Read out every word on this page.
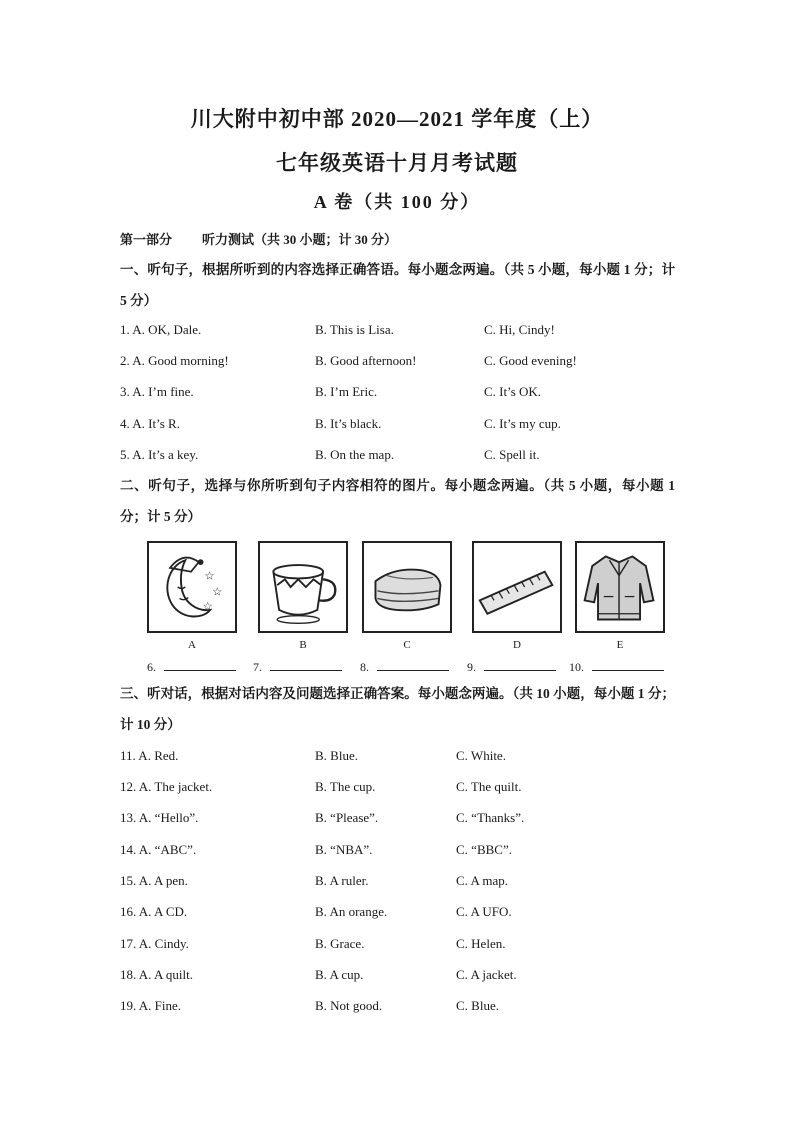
川大附中初中部 2020—2021 学年度（上）
七年级英语十月月考试题
A 卷（共 100 分）
第一部分 听力测试（共 30 小题；计 30 分）
一、听句子，根据所听到的内容选择正确答语。每小题念两遍。（共 5 小题，每小题 1 分；计 5 分）
1. A. OK, Dale.	B. This is Lisa.	C. Hi, Cindy!
2. A. Good morning!	B. Good afternoon!	C. Good evening!
3. A. I’m fine.	B. I’m Eric.	C. It’s OK.
4. A. It’s R.	B. It’s black.	C. It’s my cup.
5. A. It’s a key.	B. On the map.	C. Spell it.
二、听句子，选择与你所听到句子内容相符的图片。每小题念两遍。（共 5 小题，每小题 1 分；计 5 分）
☆
☆
☆
A	B	C	D	E
6.	7.	8.	9.	10.
三、听对话，根据对话内容及问题选择正确答案。每小题念两遍。（共 10 小题，每小题 1 分；计 10 分）
11. A. Red.	B. Blue.	C. White.
12. A. The jacket.	B. The cup.	C. The quilt.
13. A. “Hello”.	B. “Please”.	C. “Thanks”.
14. A. “ABC”.	B. “NBA”.	C. “BBC”.
15. A. A pen.	B. A ruler.	C. A map.
16. A. A CD.	B. An orange.	C. A UFO.
17. A. Cindy.	B. Grace.	C. Helen.
18. A. A quilt.	B. A cup.	C. A jacket.
19. A. Fine.	B. Not good.	C. Blue.
